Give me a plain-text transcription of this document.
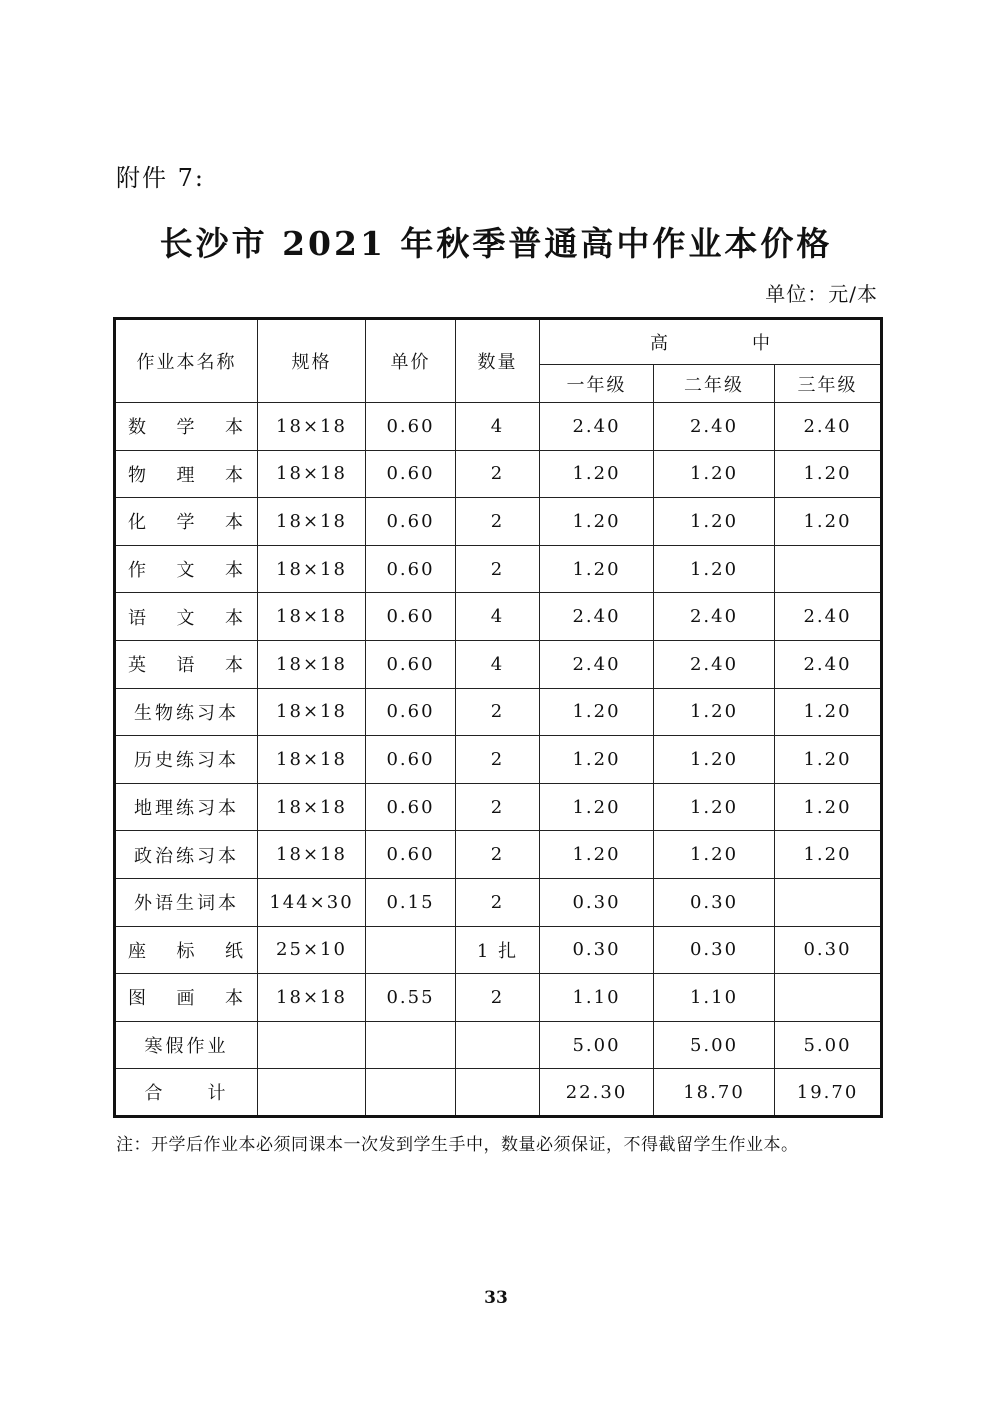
附件 7:
长沙市 2021 年秋季普通高中作业本价格
单位：元/本
作业本名称	规格	单价	数量	高　　中		
				一年级	二年级	三年级
数学本	18×18	0.60	4	2.40	2.40	2.40
物理本	18×18	0.60	2	1.20	1.20	1.20
化学本	18×18	0.60	2	1.20	1.20	1.20
作文本	18×18	0.60	2	1.20	1.20	
语文本	18×18	0.60	4	2.40	2.40	2.40
英语本	18×18	0.60	4	2.40	2.40	2.40
生物练习本	18×18	0.60	2	1.20	1.20	1.20
历史练习本	18×18	0.60	2	1.20	1.20	1.20
地理练习本	18×18	0.60	2	1.20	1.20	1.20
政治练习本	18×18	0.60	2	1.20	1.20	1.20
外语生词本	144×30	0.15	2	0.30	0.30	
座标纸	25×10		1 扎	0.30	0.30	0.30
图画本	18×18	0.55	2	1.10	1.10	
寒假作业				5.00	5.00	5.00
合　　计				22.30	18.70	19.70
注：开学后作业本必须同课本一次发到学生手中，数量必须保证，不得截留学生作业本。
33
